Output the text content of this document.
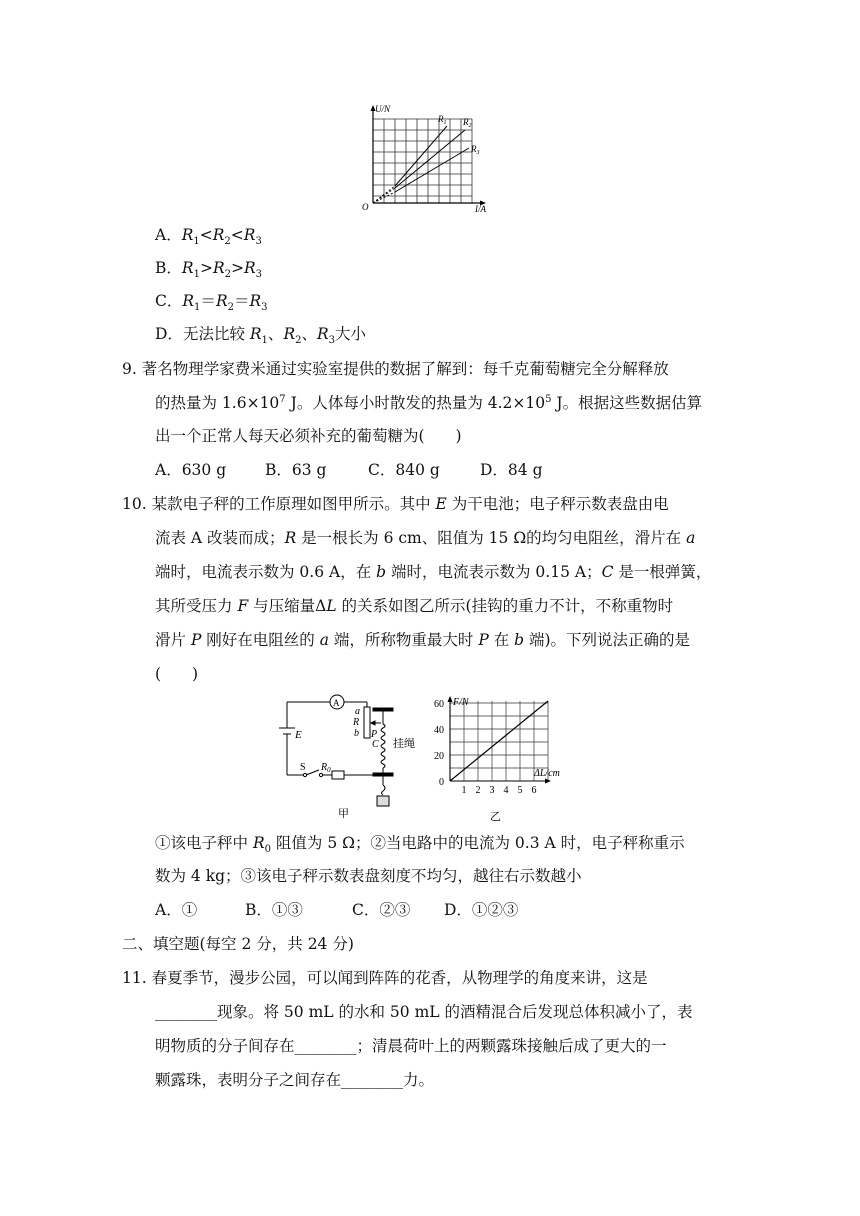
U/N
I/A
O
$R_1$ $R_2$
$R_3$
A．$R_1<R_2<R_3$
B．$R_1>R_2>R_3$
C．$R_1=R_2=R_3$
D．无法比较 $R_1$、$R_2$、$R_3$大小
9. 著名物理学家费米通过实验室提供的数据了解到：每千克葡萄糖完全分解释放
的热量为 $1.6\times 10^7$ J。人体每小时散发的热量为 $4.2\times 10^5$ J。根据这些数据估算
出一个正常人每天必须补充的葡萄糖为(　　)
A．630 g	B．63 g	C．840 g	D．84 g
10. 某款电子秤的工作原理如图甲所示。其中 E 为干电池；电子秤示数表盘由电
流表 A 改装而成；R 是一根长为 6 cm、阻值为 15 Ω的均匀电阻丝，滑片在 a
端时，电流表示数为 0.6 A，在 b 端时，电流表示数为 0.15 A；C 是一根弹簧，
其所受压力 F 与压缩量ΔL 的关系如图乙所示(挂钩的重力不计，不称重物时
滑片 P 刚好在电阻丝的 a 端，所称物重最大时 P 在 b 端)。下列说法正确的是
(　　)
A
a
R
b P
C 挂绳
E
S $R_0$
甲
F/N
ΔL/cm
60
40
20
0
1 2 3 4 5 6
乙
①该电子秤中 $R_0$ 阻值为 5 Ω；②当电路中的电流为 0.3 A 时，电子秤称重示
数为 4 kg；③该电子秤示数表盘刻度不均匀，越往右示数越小
A．①	B．①③	C．②③ D．①②③
二、填空题(每空 2 分，共 24 分)
11. 春夏季节，漫步公园，可以闻到阵阵的花香，从物理学的角度来讲，这是
________现象。将 50 mL 的水和 50 mL 的酒精混合后发现总体积减小了，表
明物质的分子间存在________；清晨荷叶上的两颗露珠接触后成了更大的一
颗露珠，表明分子之间存在________力。
